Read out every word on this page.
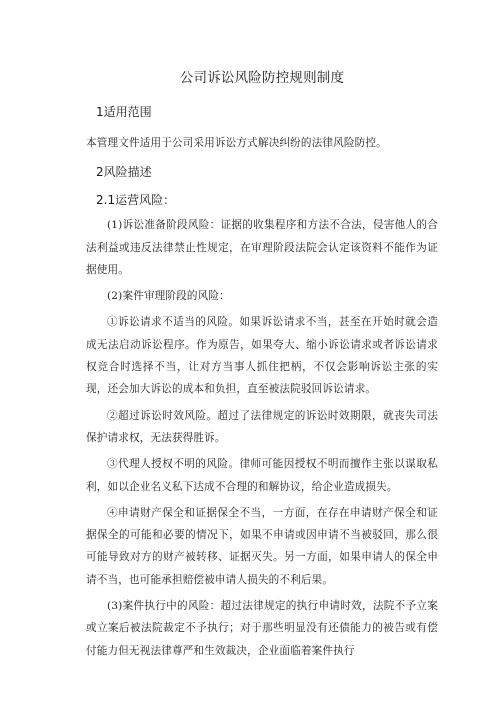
公司诉讼风险防控规则制度
1适用范围

本管理文件适用于公司采用诉讼方式解决纠纷的法律风险防控。

2风险描述
2.1运营风险：

(1)诉讼准备阶段风险：证据的收集程序和方法不合法，侵害他人的合法利益或违反法律禁止性规定，在审理阶段法院会认定该资料不能作为证据使用。

(2)案件审理阶段的风险：

①诉讼请求不适当的风险。如果诉讼请求不当，甚至在开始时就会造成无法启动诉讼程序。作为原告，如果夸大、缩小诉讼请求或者诉讼请求权竞合时选择不当，让对方当事人抓住把柄，不仅会影响诉讼主张的实现，还会加大诉讼的成本和负担，直至被法院驳回诉讼请求。

②超过诉讼时效风险。超过了法律规定的诉讼时效期限，就丧失司法保护请求权，无法获得胜诉。

③代理人授权不明的风险。律师可能因授权不明而擅作主张以谋取私利，如以企业名义私下达成不合理的和解协议，给企业造成损失。

④申请财产保全和证据保全不当，一方面，在存在申请财产保全和证据保全的可能和必要的情况下，如果不申请或因申请不当被驳回，那么很可能导致对方的财产被转移、证据灭失。另一方面，如果申请人的保全申请不当，也可能承担赔偿被申请人损失的不利后果。

(3)案件执行中的风险：超过法律规定的执行申请时效，法院不予立案或立案后被法院裁定不予执行；对于那些明显没有还债能力的被告或有偿付能力但无视法律尊严和生效裁决，企业面临着案件执行
